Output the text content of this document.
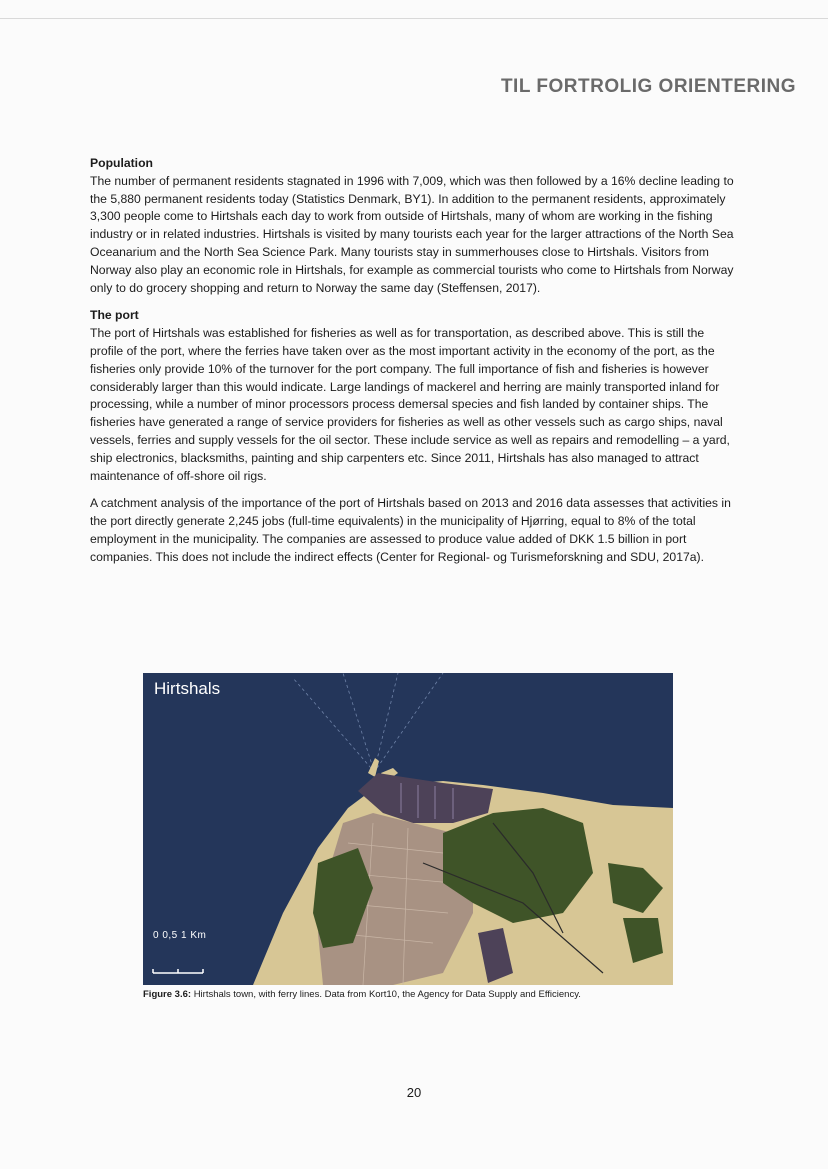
TIL FORTROLIG ORIENTERING

Population

The number of permanent residents stagnated in 1996 with 7,009, which was then followed by a 16% decline leading to the 5,880 permanent residents today (Statistics Denmark, BY1). In addition to the permanent residents, approximately 3,300 people come to Hirtshals each day to work from outside of Hirtshals, many of whom are working in the fishing industry or in related industries. Hirtshals is visited by many tourists each year for the larger attractions of the North Sea Oceanarium and the North Sea Science Park. Many tourists stay in summerhouses close to Hirtshals. Visitors from Norway also play an economic role in Hirtshals, for example as commercial tourists who come to Hirtshals from Norway only to do grocery shopping and return to Norway the same day (Steffensen, 2017).

The port

The port of Hirtshals was established for fisheries as well as for transportation, as described above. This is still the profile of the port, where the ferries have taken over as the most important activity in the economy of the port, as the fisheries only provide 10% of the turnover for the port company. The full importance of fish and fisheries is however considerably larger than this would indicate. Large landings of mackerel and herring are mainly transported inland for processing, while a number of minor processors process demersal species and fish landed by container ships. The fisheries have generated a range of service providers for fisheries as well as other vessels such as cargo ships, naval vessels, ferries and supply vessels for the oil sector. These include service as well as repairs and remodelling – a yard, ship electronics, blacksmiths, painting and ship carpenters etc. Since 2011, Hirtshals has also managed to attract maintenance of off-shore oil rigs.

A catchment analysis of the importance of the port of Hirtshals based on 2013 and 2016 data assesses that activities in the port directly generate 2,245 jobs (full-time equivalents) in the municipality of Hjørring, equal to 8% of the total employment in the municipality. The companies are assessed to produce value added of DKK 1.5 billion in port companies. This does not include the indirect effects (Center for Regional- og Turismeforskning and SDU, 2017a).

Hirtshals
0 0,5 1 Km
Figure 3.6: Hirtshals town, with ferry lines. Data from Kort10, the Agency for Data Supply and Efficiency.
20
